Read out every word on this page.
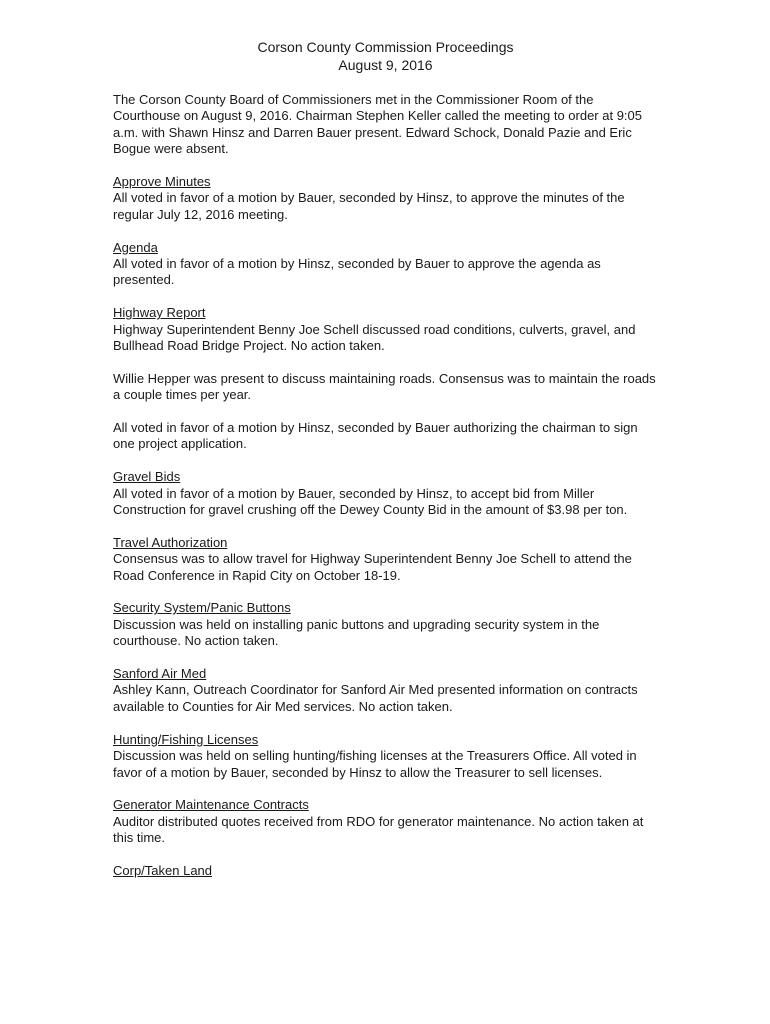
Corson County Commission Proceedings
August 9, 2016

The Corson County Board of Commissioners met in the Commissioner Room of the Courthouse on August 9, 2016. Chairman Stephen Keller called the meeting to order at 9:05 a.m. with Shawn Hinsz and Darren Bauer present. Edward Schock, Donald Pazie and Eric Bogue were absent.

Approve Minutes
All voted in favor of a motion by Bauer, seconded by Hinsz, to approve the minutes of the regular July 12, 2016 meeting.
Agenda
All voted in favor of a motion by Hinsz, seconded by Bauer to approve the agenda as presented.
Highway Report
Highway Superintendent Benny Joe Schell discussed road conditions, culverts, gravel, and Bullhead Road Bridge Project. No action taken.
Willie Hepper was present to discuss maintaining roads. Consensus was to maintain the roads a couple times per year.
All voted in favor of a motion by Hinsz, seconded by Bauer authorizing the chairman to sign one project application.
Gravel Bids
All voted in favor of a motion by Bauer, seconded by Hinsz, to accept bid from Miller Construction for gravel crushing off the Dewey County Bid in the amount of $3.98 per ton.
Travel Authorization
Consensus was to allow travel for Highway Superintendent Benny Joe Schell to attend the Road Conference in Rapid City on October 18-19.
Security System/Panic Buttons
Discussion was held on installing panic buttons and upgrading security system in the courthouse. No action taken.
Sanford Air Med
Ashley Kann, Outreach Coordinator for Sanford Air Med presented information on contracts available to Counties for Air Med services. No action taken.
Hunting/Fishing Licenses
Discussion was held on selling hunting/fishing licenses at the Treasurers Office. All voted in favor of a motion by Bauer, seconded by Hinsz to allow the Treasurer to sell licenses.
Generator Maintenance Contracts
Auditor distributed quotes received from RDO for generator maintenance. No action taken at this time.
Corp/Taken Land
